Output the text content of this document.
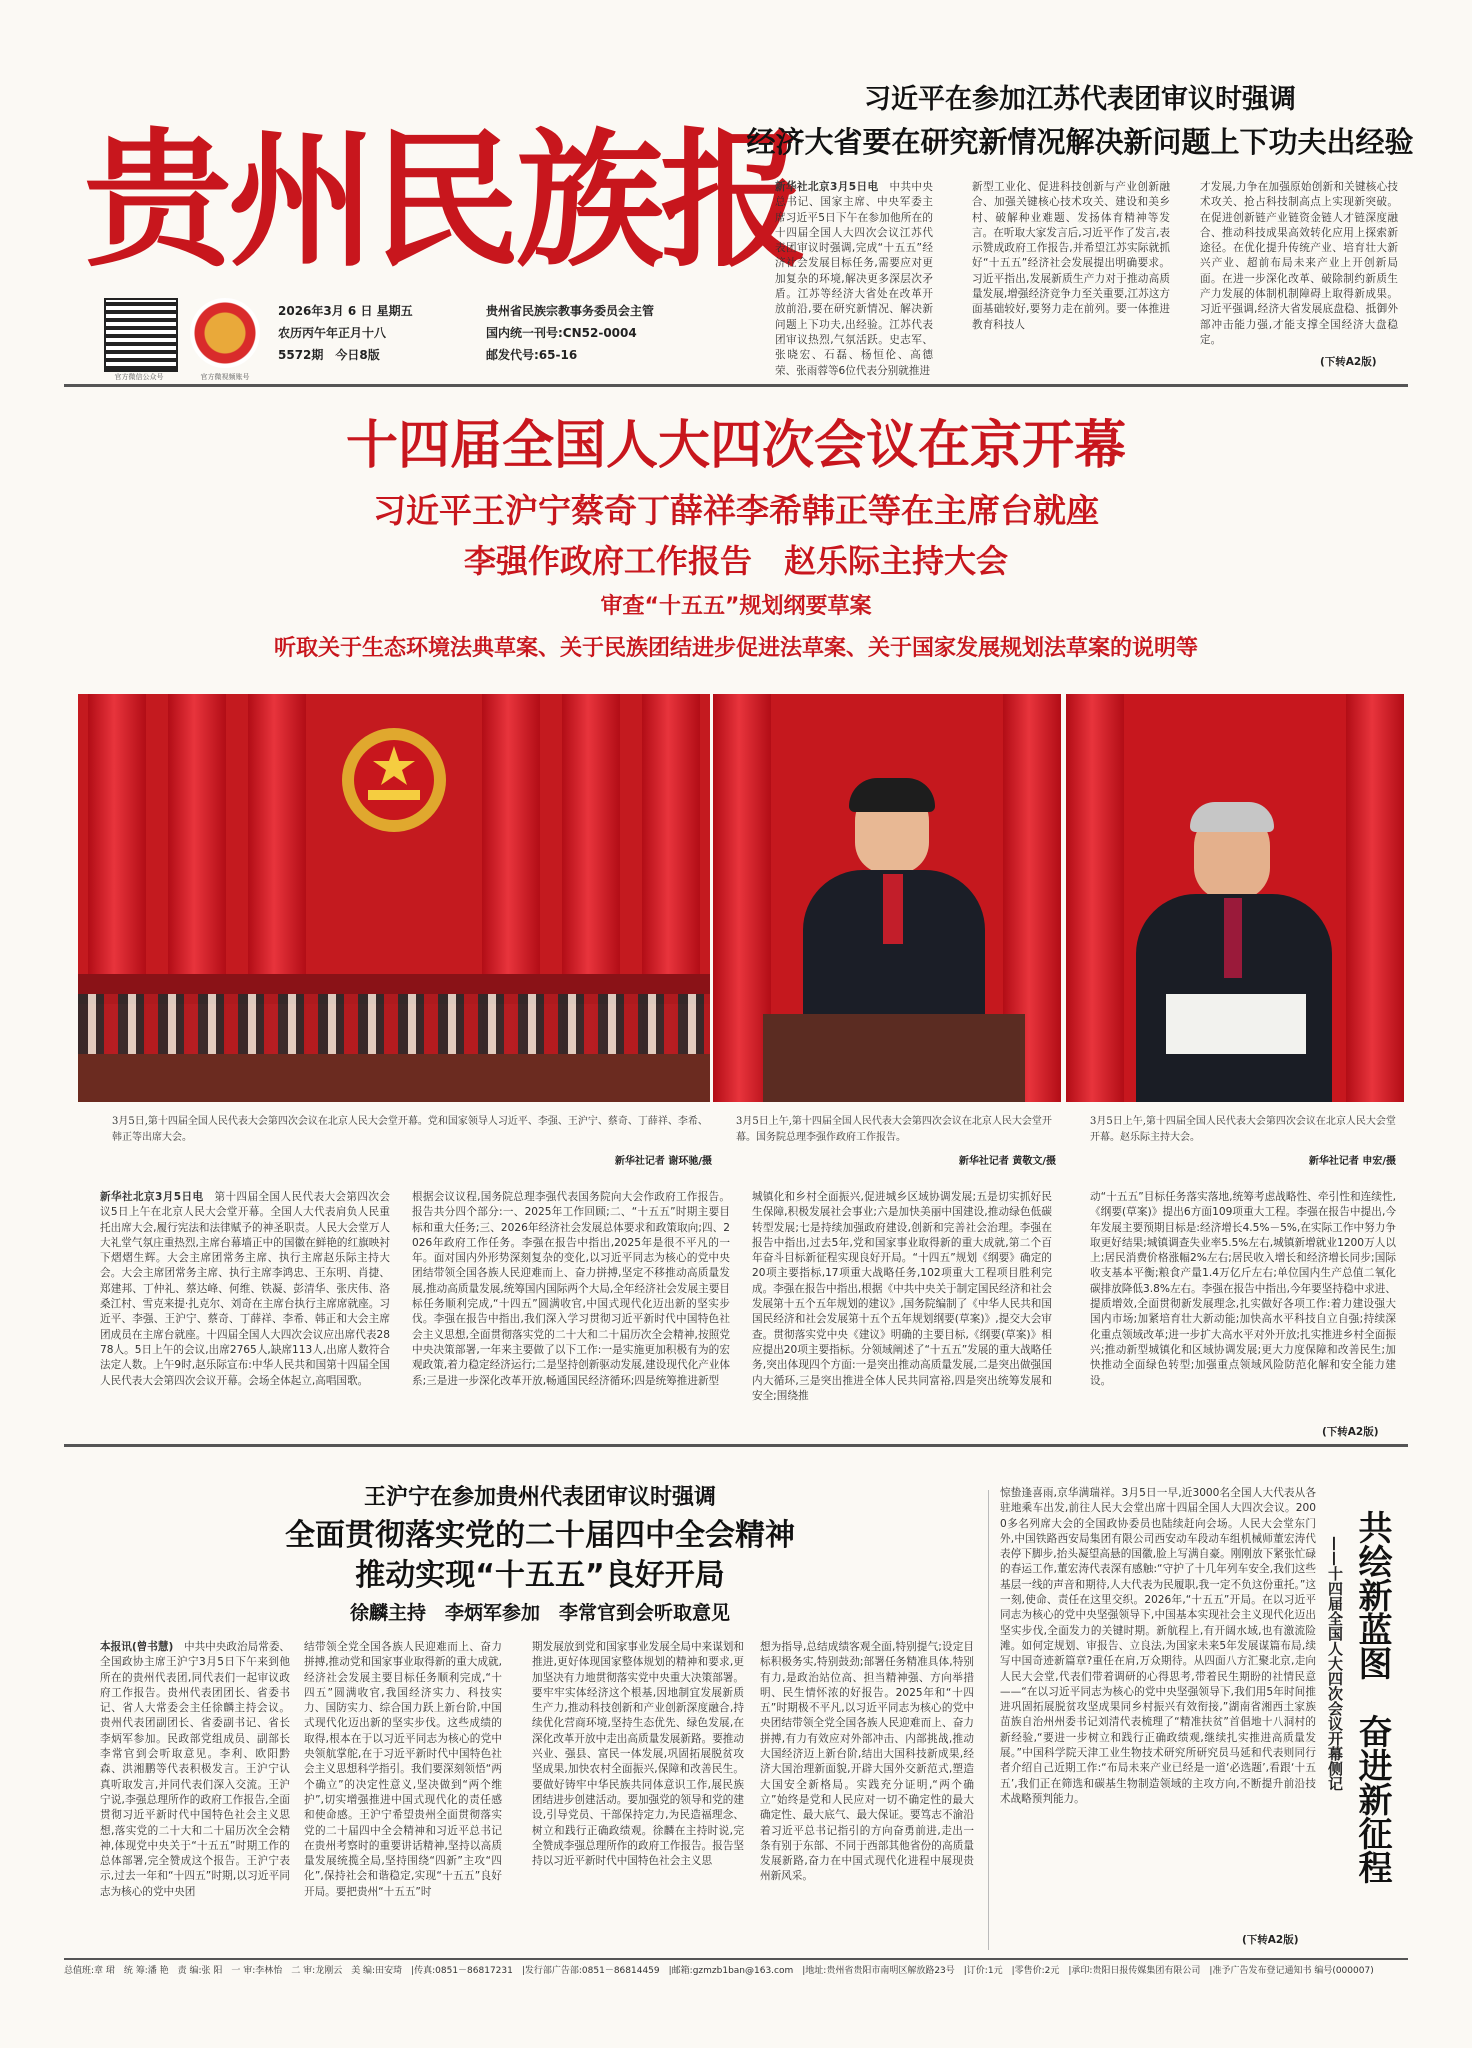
贵州民族报
官方微信公众号	官方微视频账号
2026年3月 6 日 星期五
农历丙午年正月十八
5572期　今日8版
贵州省民族宗教事务委员会主管
国内统一刊号:CN52-0004
邮发代号:65-16
习近平在参加江苏代表团审议时强调
经济大省要在研究新情况解决新问题上下功夫出经验
新华社北京3月5日电　 中共中央总书记、国家主席、中央军委主席习近平5日下午在参加他所在的十四届全国人大四次会议江苏代表团审议时强调,完成“十五五”经济社会发展目标任务,需要应对更加复杂的环境,解决更多深层次矛盾。江苏等经济大省处在改革开放前沿,要在研究新情况、解决新问题上下功夫,出经验。江苏代表团审议热烈,气氛活跃。史志军、张晓宏、石磊、杨恒伦、高德荣、张雨蓉等6位代表分别就推进
新型工业化、促进科技创新与产业创新融合、加强关键核心技术攻关、建设和美乡村、破解种业难题、发扬体育精神等发言。在听取大家发言后,习近平作了发言,表示赞成政府工作报告,并希望江苏实际就抓好“十五五”经济社会发展提出明确要求。习近平指出,发展新质生产力对于推动高质量发展,增强经济竞争力至关重要,江苏这方面基础较好,要努力走在前列。要一体推进教育科技人
才发展,力争在加强原始创新和关键核心技术攻关、抢占科技制高点上实现新突破。在促进创新链产业链资金链人才链深度融合、推动科技成果高效转化应用上探索新途径。在优化提升传统产业、培育壮大新兴产业、超前布局未来产业上开创新局面。在进一步深化改革、破除制约新质生产力发展的体制机制障碍上取得新成果。习近平强调,经济大省发展底盘稳、抵御外部冲击能力强,才能支撑全国经济大盘稳定。
(下转A2版)
十四届全国人大四次会议在京开幕
习近平王沪宁蔡奇丁薛祥李希韩正等在主席台就座
李强作政府工作报告　赵乐际主持大会
审查“十五五”规划纲要草案
听取关于生态环境法典草案、关于民族团结进步促进法草案、关于国家发展规划法草案的说明等
3月5日,第十四届全国人民代表大会第四次会议在北京人民大会堂开幕。党和国家领导人习近平、李强、王沪宁、蔡奇、丁薛祥、李希、韩正等出席大会。
新华社记者 谢环驰/摄
3月5日上午,第十四届全国人民代表大会第四次会议在北京人民大会堂开幕。国务院总理李强作政府工作报告。
新华社记者 黄敬文/摄
3月5日上午,第十四届全国人民代表大会第四次会议在北京人民大会堂开幕。赵乐际主持大会。
新华社记者 申宏/摄
新华社北京3月5日电　 第十四届全国人民代表大会第四次会议5日上午在北京人民大会堂开幕。全国人大代表肩负人民重托出席大会,履行宪法和法律赋予的神圣职责。人民大会堂万人大礼堂气氛庄重热烈,主席台幕墙正中的国徽在鲜艳的红旗映衬下熠熠生辉。大会主席团常务主席、执行主席赵乐际主持大会。大会主席团常务主席、执行主席李鸿忠、王东明、肖捷、郑建邦、丁仲礼、蔡达峰、何维、铁凝、彭清华、张庆伟、洛桑江村、雪克来提·扎克尔、刘奇在主席台执行主席席就座。习近平、李强、王沪宁、蔡奇、丁薛祥、李希、韩正和大会主席团成员在主席台就座。十四届全国人大四次会议应出席代表2878人。5日上午的会议,出席2765人,缺席113人,出席人数符合法定人数。上午9时,赵乐际宣布:中华人民共和国第十四届全国人民代表大会第四次会议开幕。会场全体起立,高唱国歌。
根据会议议程,国务院总理李强代表国务院向大会作政府工作报告。报告共分四个部分:一、2025年工作回顾;二、“十五五”时期主要目标和重大任务;三、2026年经济社会发展总体要求和政策取向;四、2026年政府工作任务。李强在报告中指出,2025年是很不平凡的一年。面对国内外形势深刻复杂的变化,以习近平同志为核心的党中央团结带领全国各族人民迎难而上、奋力拼搏,坚定不移推动高质量发展,推动高质量发展,统筹国内国际两个大局,全年经济社会发展主要目标任务顺利完成,“十四五”圆满收官,中国式现代化迈出新的坚实步伐。李强在报告中指出,我们深入学习贯彻习近平新时代中国特色社会主义思想,全面贯彻落实党的二十大和二十届历次全会精神,按照党中央决策部署,一年来主要做了以下工作:一是实施更加积极有为的宏观政策,着力稳定经济运行;二是坚持创新驱动发展,建设现代化产业体系;三是进一步深化改革开放,畅通国民经济循环;四是统筹推进新型
城镇化和乡村全面振兴,促进城乡区域协调发展;五是切实抓好民生保障,积极发展社会事业;六是加快美丽中国建设,推动绿色低碳转型发展;七是持续加强政府建设,创新和完善社会治理。李强在报告中指出,过去5年,党和国家事业取得新的重大成就,第二个百年奋斗目标新征程实现良好开局。“十四五”规划《纲要》确定的20项主要指标,17项重大战略任务,102项重大工程项目胜利完成。李强在报告中指出,根据《中共中央关于制定国民经济和社会发展第十五个五年规划的建议》,国务院编制了《中华人民共和国国民经济和社会发展第十五个五年规划纲要(草案)》,提交大会审查。贯彻落实党中央《建议》明确的主要目标,《纲要(草案)》相应提出20项主要指标。分领域阐述了“十五五”发展的重大战略任务,突出体现四个方面:一是突出推动高质量发展,二是突出做强国内大循环,三是突出推进全体人民共同富裕,四是突出统筹发展和安全;围绕推
动“十五五”目标任务落实落地,统筹考虑战略性、牵引性和连续性,《纲要(草案)》提出6方面109项重大工程。李强在报告中提出,今年发展主要预期目标是:经济增长4.5%－5%,在实际工作中努力争取更好结果;城镇调查失业率5.5%左右,城镇新增就业1200万人以上;居民消费价格涨幅2%左右;居民收入增长和经济增长同步;国际收支基本平衡;粮食产量1.4万亿斤左右;单位国内生产总值二氧化碳排放降低3.8%左右。李强在报告中指出,今年要坚持稳中求进、提质增效,全面贯彻新发展理念,扎实做好各项工作:着力建设强大国内市场;加紧培育壮大新动能;加快高水平科技自立自强;持续深化重点领域改革;进一步扩大高水平对外开放;扎实推进乡村全面振兴;推动新型城镇化和区域协调发展;更大力度保障和改善民生;加快推动全面绿色转型;加强重点领域风险防范化解和安全能力建设。
(下转A2版)
王沪宁在参加贵州代表团审议时强调
全面贯彻落实党的二十届四中全会精神
推动实现“十五五”良好开局
徐麟主持　李炳军参加　李常官到会听取意见
本报讯(曾书慧)　 中共中央政治局常委、全国政协主席王沪宁3月5日下午来到他所在的贵州代表团,同代表们一起审议政府工作报告。贵州代表团团长、省委书记、省人大常委会主任徐麟主持会议。贵州代表团副团长、省委副书记、省长李炳军参加。民政部党组成员、副部长李常官到会听取意见。李利、欧阳黔森、洪湘鹏等代表积极发言。王沪宁认真听取发言,并同代表们深入交流。王沪宁说,李强总理所作的政府工作报告,全面贯彻习近平新时代中国特色社会主义思想,落实党的二十大和二十届历次全会精神,体现党中央关于“十五五”时期工作的总体部署,完全赞成这个报告。王沪宁表示,过去一年和“十四五”时期,以习近平同志为核心的党中央团
结带领全党全国各族人民迎难而上、奋力拼搏,推动党和国家事业取得新的重大成就,经济社会发展主要目标任务顺利完成,“十四五”圆满收官,我国经济实力、科技实力、国防实力、综合国力跃上新台阶,中国式现代化迈出新的坚实步伐。这些成绩的取得,根本在于以习近平同志为核心的党中央领航掌舵,在于习近平新时代中国特色社会主义思想科学指引。我们要深刻领悟“两个确立”的决定性意义,坚决做到“两个维护”,切实增强推进中国式现代化的责任感和使命感。王沪宁希望贵州全面贯彻落实党的二十届四中全会精神和习近平总书记在贵州考察时的重要讲话精神,坚持以高质量发展统揽全局,坚持围绕“四新”主攻“四化”,保持社会和谐稳定,实现“十五五”良好开局。要把贵州“十五五”时
期发展放到党和国家事业发展全局中来谋划和推进,更好体现国家整体规划的精神和要求,更加坚决有力地贯彻落实党中央重大决策部署。要牢牢实体经济这个根基,因地制宜发展新质生产力,推动科技创新和产业创新深度融合,持续优化营商环境,坚持生态优先、绿色发展,在深化改革开放中走出高质量发展新路。要推动兴业、强县、富民一体发展,巩固拓展脱贫攻坚成果,加快农村全面振兴,保障和改善民生。要做好铸牢中华民族共同体意识工作,展民族团结进步创建活动。要加强党的领导和党的建设,引导党员、干部保持定力,为民造福理念、树立和践行正确政绩观。徐麟在主持时说,完全赞成李强总理所作的政府工作报告。报告坚持以习近平新时代中国特色社会主义思
想为指导,总结成绩客观全面,特别提气;设定目标积极务实,特别鼓劲;部署任务精准具体,特别有力,是政治站位高、担当精神强、方向举措明、民生情怀浓的好报告。2025年和“十四五”时期极不平凡,以习近平同志为核心的党中央团结带领全党全国各族人民迎难而上、奋力拼搏,有力有效应对外部冲击、内部挑战,推动大国经济迈上新台阶,结出大国科技新成果,经济大国治理新面貌,开辟大国外交新范式,塑造大国安全新格局。实践充分证明,“两个确立”始终是党和人民应对一切不确定性的最大确定性、最大底气、最大保证。要笃志不渝沿着习近平总书记指引的方向奋勇前进,走出一条有别于东部、不同于西部其他省份的高质量发展新路,奋力在中国式现代化进程中展现贵州新风采。
惊蛰逢喜雨,京华满瑞祥。3月5日一早,近3000名全国人大代表从各驻地乘车出发,前往人民大会堂出席十四届全国人大四次会议。2000多名列席大会的全国政协委员也陆续赶向会场。人民大会堂东门外,中国铁路西安局集团有限公司西安动车段动车组机械师董宏涛代表停下脚步,抬头凝望高悬的国徽,脸上写满自豪。刚刚放下紧张忙碌的春运工作,董宏涛代表深有感触:“守护了十几年列车安全,我们这些基层一线的声音和期待,人大代表为民履职,我一定不负这份重托。”这一刻,使命、责任在这里交织。2026年,“十五五”开局。在以习近平同志为核心的党中央坚强领导下,中国基本实现社会主义现代化迈出坚实步伐,全面发力的关键时期。新航程上,有开阔水域,也有激流险滩。如何定规划、审报告、立良法,为国家未来5年发展谋篇布局,续写中国奇迹新篇章?重任在肩,万众期待。从四面八方汇聚北京,走向人民大会堂,代表们带着调研的心得思考,带着民生期盼的社情民意——“在以习近平同志为核心的党中央坚强领导下,我们用5年时间推进巩固拓展脱贫攻坚成果同乡村振兴有效衔接,”湖南省湘西土家族苗族自治州州委书记刘清代表梳理了“精准扶贫”首倡地十八洞村的新经验,“要进一步树立和践行正确政绩观,继续扎实推进高质量发展。”中国科学院天津工业生物技术研究所研究员马延和代表则同行者介绍自己近期工作:“布局未来产业已经是一道‘必选题’,看跟‘十五五’,我们正在筛选和碳基生物制造领域的主攻方向,不断提升前沿技术战略预判能力。
(下转A2版)
共绘新蓝图　奋进新征程
——十四届全国人大四次会议开幕侧记
总值班:章 珺　统 筹:潘 艳　责 编:张 阳　一 审:李林怡　二 审:龙刚云　美 编:田安琦　|传真:0851－86817231　|发行部广告部:0851－86814459　|邮箱:gzmzb1ban@163.com　|地址:贵州省贵阳市南明区解放路23号　|订价:1元　|零售价:2元　|承印:贵阳日报传媒集团有限公司　|准予广告发布登记通知书 编号(000007)
